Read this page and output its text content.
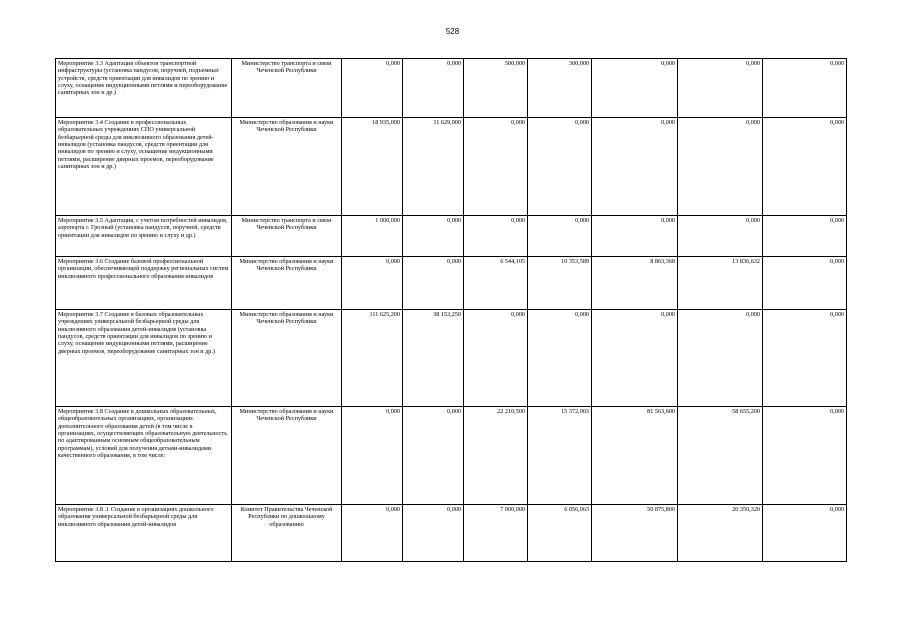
528
Мероприятие 3.3 Адаптация объектов транспортной инфраструктуры (установка пандусов, поручней, подъемных устройств, средств ориентации для инвалидов по зрению и слуху, оснащение индукционными петлями и переоборудование санитарных зон и др.)	Министерство транспорта и связи Чеченской Республики	0,000	0,000	500,000	300,000	0,000	0,000	0,000
Мероприятие 3.4 Создание в профессиональных образовательных учреждениях СПО универсальной безбарьерной среды для инклюзивного образования детей-инвалидов (установка пандусов, средств ориентации для инвалидов по зрению и слуху, оснащение индукционными петлями, расширение дверных проемов, переоборудование санитарных зон и др.)	Министерство образования и науки Чеченской Республики	18 935,000	11 629,000	0,000	0,000	0,000	0,000	0,000
Мероприятие 3.5 Адаптация, с учетом потребностей инвалидов, аэропорта г. Грозный (установка пандусов, поручней, средств ориентации для инвалидов по зрению и слуху и др.)	Министерство транспорта и связи Чеченской Республики	1 000,000	0,000	0,000	0,000	0,000	0,000	0,000
Мероприятие 3.6 Создание базовой профессиональной организации, обеспечивающей поддержку региональных систем инклюзивного профессионального образования инвалидов	Министерство образования и науки Чеченской Республики	0,000	0,000	6 544,105	10 353,589	8 863,368	13 836,632	0,000
Мероприятие 3.7 Создание в базовых образовательных учреждениях универсальной безбарьерной среды для инклюзивного образования детей-инвалидов (установка пандусов, средств ориентации для инвалидов по зрению и слуху, оснащение индукционными петлями, расширение дверных проемов, переоборудование санитарных зон и др.)	Министерство образования и науки Чеченской Республики	111 625,200	38 153,250	0,000	0,000	0,000	0,000	0,000
Мероприятие 3.8 Создание в дошкольных образовательных, общеобразовательных организациях, организациях дополнительного образования детей (в том числе в организациях, осуществляющих образовательную деятельность по адаптированным основным общеобразовательным программам), условий для получения детьми-инвалидами качественного образования, в том числе:	Министерство образования и науки Чеченской Республики	0,000	0,000	22 210,500	15 372,003	81 563,600	58 655,200	0,000
Мероприятие 3.8 .1 Создание в организациях дошкольного образования универсальной безбарьерной среды для инклюзивного образования детей-инвалидов	Комитет Правительства Чеченской Республики по дошкольному образованию	0,000	0,000	7 000,000	6 056,063	50 875,800	20 350,320	0,000
